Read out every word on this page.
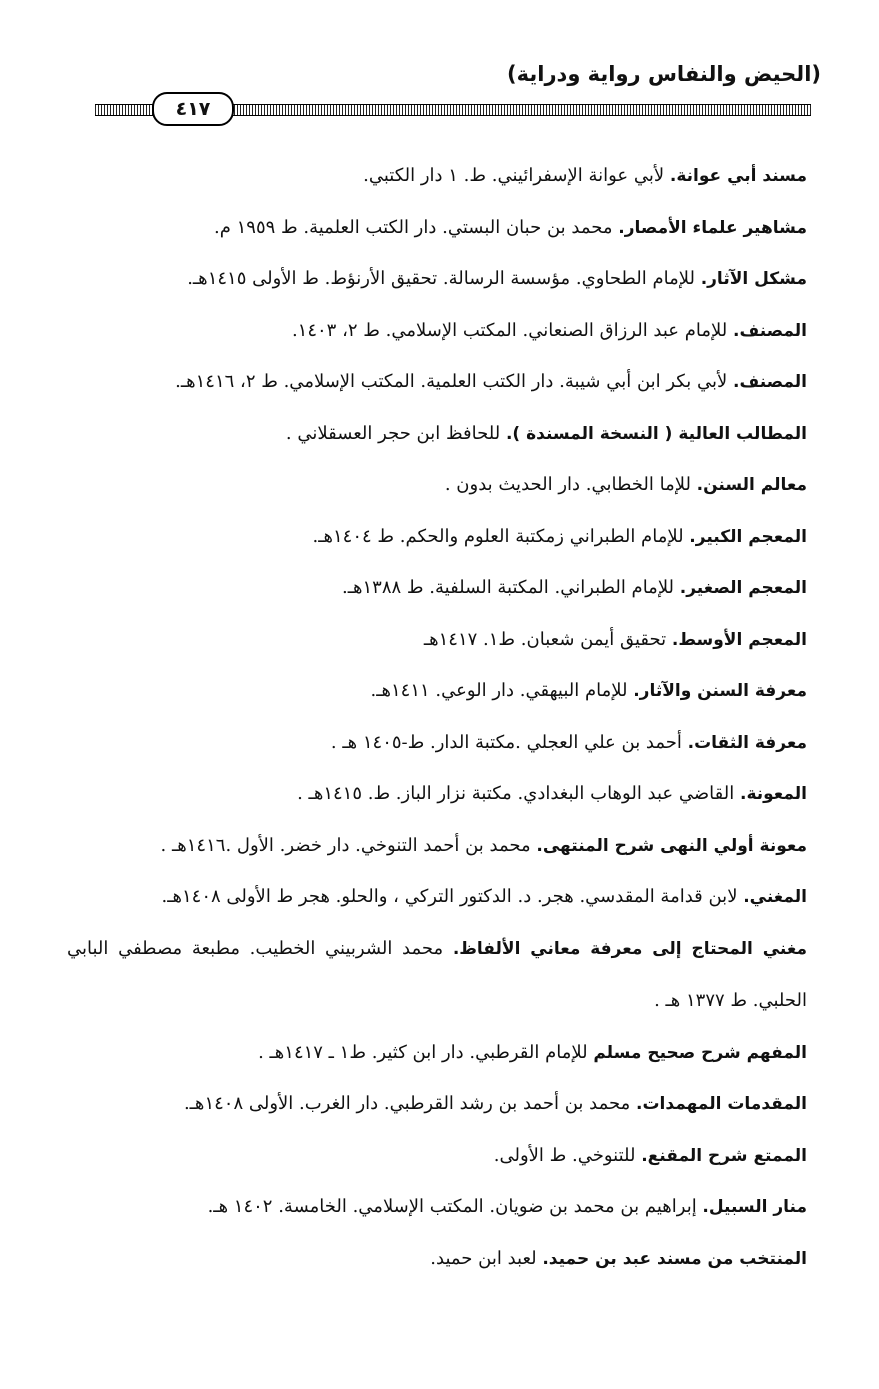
(الحيض والنفاس رواية ودراية)
٤١٧
مسند أبي عوانة. لأبي عوانة الإسفرائيني. ط. ١ دار الكتبي.
مشاهير علماء الأمصار. محمد بن حبان البستي. دار الكتب العلمية. ط ١٩٥٩ م.
مشكل الآثار. للإمام الطحاوي. مؤسسة الرسالة. تحقيق الأرنؤط. ط الأولى ١٤١٥هـ.
المصنف. للإمام عبد الرزاق الصنعاني. المكتب الإسلامي. ط ٢، ١٤٠٣.
المصنف. لأبي بكر ابن أبي شيبة. دار الكتب العلمية. المكتب الإسلامي. ط ٢، ١٤١٦هـ.
المطالب العالية ( النسخة المسندة ). للحافظ ابن حجر العسقلاني .
معالم السنن. للإما الخطابي. دار الحديث بدون .
المعجم الكبير. للإمام الطبراني زمكتبة العلوم والحكم. ط ١٤٠٤هـ.
المعجم الصغير. للإمام الطبراني. المكتبة السلفية. ط ١٣٨٨هـ.
المعجم الأوسط. تحقيق أيمن شعبان. ط١. ١٤١٧هـ
معرفة السنن والآثار. للإمام البيهقي. دار الوعي. ١٤١١هـ.
معرفة الثقات. أحمد بن علي العجلي .مكتبة الدار. ط-١٤٠٥ هـ .
المعونة. القاضي عبد الوهاب البغدادي. مكتبة نزار الباز. ط. ١٤١٥هـ .
معونة أولي النهى شرح المنتهى. محمد بن أحمد التنوخي. دار خضر. الأول .١٤١٦هـ .
المغني. لابن قدامة المقدسي. هجر. د. الدكتور التركي ، والحلو. هجر ط الأولى ١٤٠٨هـ.
مغني المحتاج إلى معرفة معاني الألفاظ. محمد الشربيني الخطيب. مطبعة مصطفي البابي الحلبي. ط ١٣٧٧ هـ .
المفهم شرح صحيح مسلم للإمام القرطبي. دار ابن كثير. ط١ ـ ١٤١٧هـ .
المقدمات المهمدات. محمد بن أحمد بن رشد القرطبي. دار الغرب. الأولى ١٤٠٨هـ.
الممتع شرح المقنع. للتنوخي. ط الأولى.
منار السبيل. إبراهيم بن محمد بن ضويان. المكتب الإسلامي. الخامسة. ١٤٠٢ هـ.
المنتخب من مسند عبد بن حميد. لعبد ابن حميد.
